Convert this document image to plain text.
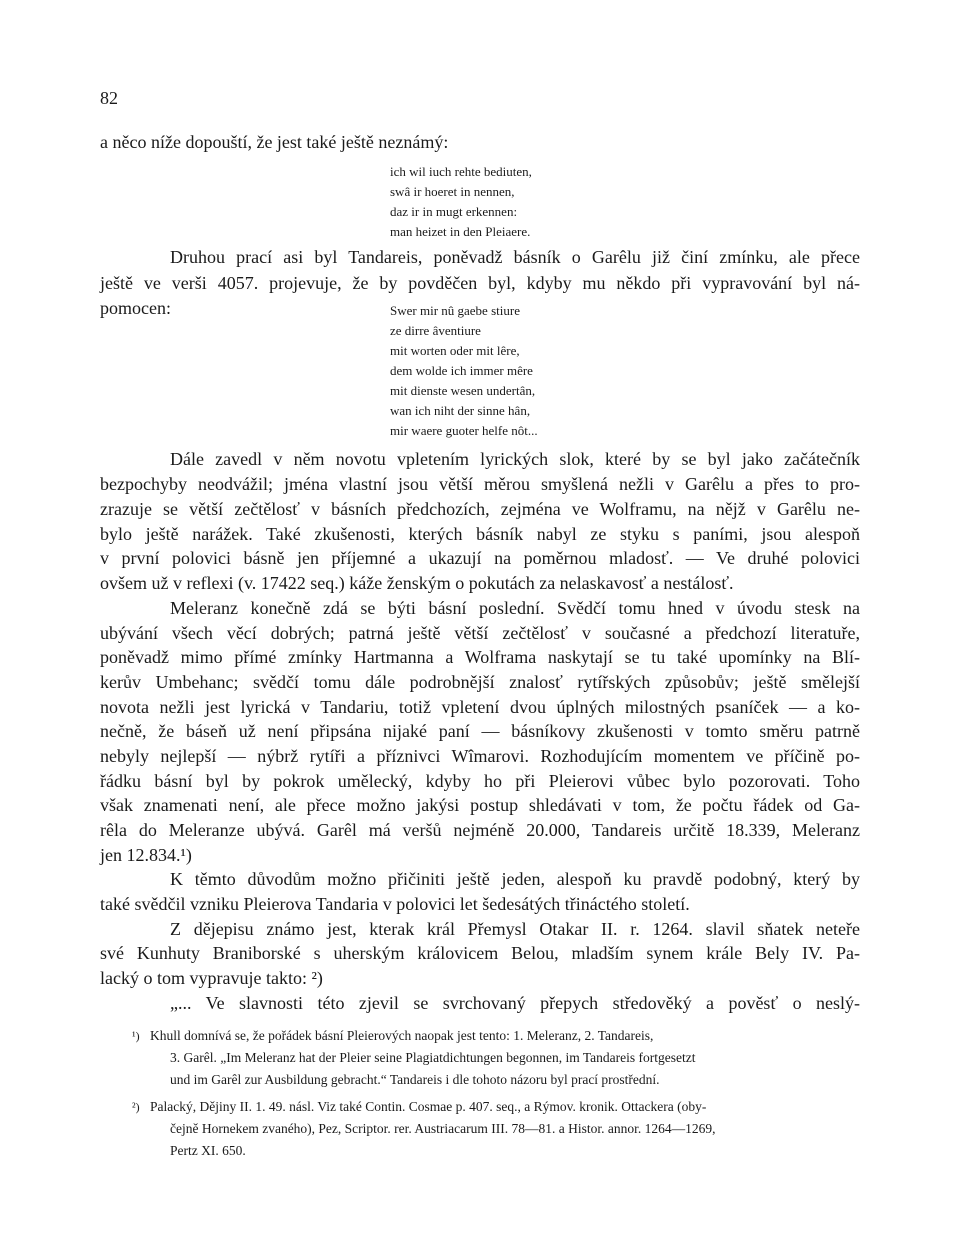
82
a něco níže dopouští, že jest také ještě neznámý:
ich wil iuch rehte bediuten,
swâ ir hoeret in nennen,
daz ir in mugt erkennen:
man heizet in den Pleiaere.
Druhou prací asi byl Tandareis, poněvadž básník o Garêlu již činí zmínku, ale přece
ještě ve verši 4057. projevuje, že by povděčen byl, kdyby mu někdo při vypravování byl ná-
pomocen:	Swer mir nû gaebe stiure
ze dirre âventiure
mit worten oder mit lêre,
dem wolde ich immer mêre
mit dienste wesen undertân,
wan ich niht der sinne hân,
mir waere guoter helfe nôt...
Dále zavedl v něm novotu vpletením lyrických slok, které by se byl jako začátečník
bezpochyby neodvážil; jména vlastní jsou větší měrou smyšlená nežli v Garêlu a přes to pro-
zrazuje se větší zečtělosť v básních předchozích, zejména ve Wolframu, na nějž v Garêlu ne-
bylo ještě narážek. Také zkušenosti, kterých básník nabyl ze styku s paními, jsou alespoň
v první polovici básně jen příjemné a ukazují na poměrnou mladosť. — Ve druhé polovici
ovšem už v reflexi (v. 17422 seq.) káže ženským o pokutách za nelaskavosť a nestálosť.
Meleranz konečně zdá se býti básní poslední. Svědčí tomu hned v úvodu stesk na
ubývání všech věcí dobrých; patrná ještě větší zečtělosť v současné a předchozí literatuře,
poněvadž mimo přímé zmínky Hartmanna a Wolframa naskytají se tu také upomínky na Blí-
kerův Umbehanc; svědčí tomu dále podrobnější znalosť rytířských způsobův; ještě smělejší
novota nežli jest lyrická v Tandariu, totiž vpletení dvou úplných milostných psaníček — a ko-
nečně, že báseň už není připsána nijaké paní — básníkovy zkušenosti v tomto směru patrně
nebyly nejlepší — nýbrž rytíři a příznivci Wîmarovi. Rozhodujícím momentem ve příčině po-
řádku básní byl by pokrok umělecký, kdyby ho při Pleierovi vůbec bylo pozorovati. Toho
však znamenati není, ale přece možno jakýsi postup shledávati v tom, že počtu řádek od Ga-
rêla do Meleranze ubývá. Garêl má veršů nejméně 20.000, Tandareis určitě 18.339, Meleranz
jen 12.834.¹)
K těmto důvodům možno přičiniti ještě jeden, alespoň ku pravdě podobný, který by
také svědčil vzniku Pleierova Tandaria v polovici let šedesátých třináctého století.
Z dějepisu známo jest, kterak král Přemysl Otakar II. r. 1264. slavil sňatek neteře
své Kunhuty Braniborské s uherským královicem Belou, mladším synem krále Bely IV. Pa-
lacký o tom vypravuje takto: ²)
„... Ve slavnosti této zjevil se svrchovaný přepych středověký a pověsť o neslý-
¹) Khull domnívá se, že pořádek básní Pleierových naopak jest tento: 1. Meleranz, 2. Tandareis,
3. Garêl. „Im Meleranz hat der Pleier seine Plagiatdichtungen begonnen, im Tandareis fortgesetzt
und im Garêl zur Ausbildung gebracht.“ Tandareis i dle tohoto názoru byl prací prostřední.
²) Palacký, Dějiny II. 1. 49. násl. Viz také Contin. Cosmae p. 407. seq., a Rýmov. kronik. Ottackera (oby-
čejně Hornekem zvaného), Pez, Scriptor. rer. Austriacarum III. 78—81. a Histor. annor. 1264—1269,
Pertz XI. 650.
